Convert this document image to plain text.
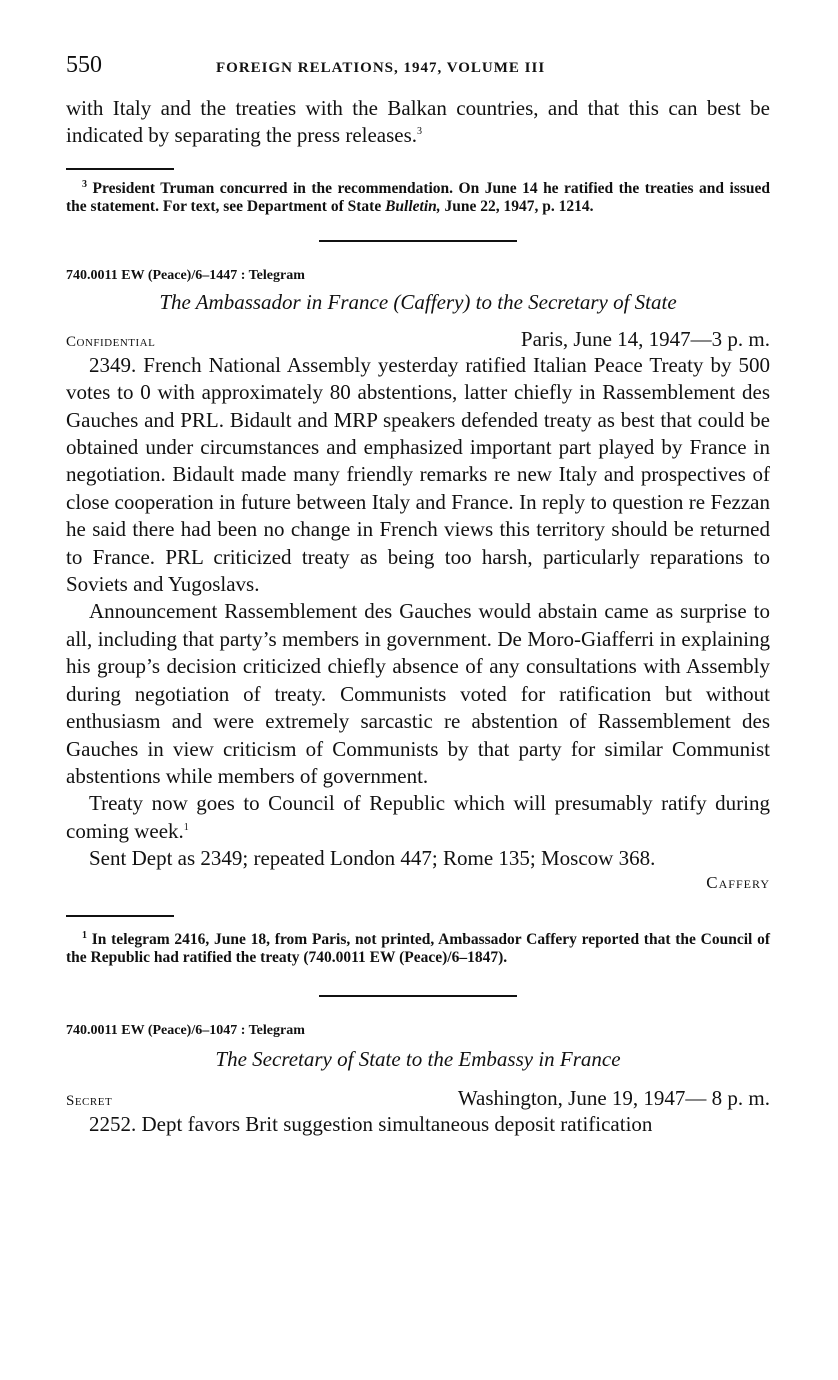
550	FOREIGN RELATIONS, 1947, VOLUME III

with Italy and the treaties with the Balkan countries, and that this can best be indicated by separating the press releases.$^3$

$^3$ President Truman concurred in the recommendation. On June 14 he ratified the treaties and issued the statement. For text, see Department of State Bulletin, June 22, 1947, p. 1214.
740.0011 EW (Peace)/6–1447 : Telegram
The Ambassador in France (Caffery) to the Secretary of State
Confidential	Paris, June 14, 1947—3 p. m.

2349. French National Assembly yesterday ratified Italian Peace Treaty by 500 votes to 0 with approximately 80 abstentions, latter chiefly in Rassemblement des Gauches and PRL. Bidault and MRP speakers defended treaty as best that could be obtained under circumstances and emphasized important part played by France in negotiation. Bidault made many friendly remarks re new Italy and prospectives of close cooperation in future between Italy and France. In reply to question re Fezzan he said there had been no change in French views this territory should be returned to France. PRL criticized treaty as being too harsh, particularly reparations to Soviets and Yugoslavs.

Announcement Rassemblement des Gauches would abstain came as surprise to all, including that party’s members in government. De Moro-Giafferri in explaining his group’s decision criticized chiefly absence of any consultations with Assembly during negotiation of treaty. Communists voted for ratification but without enthusiasm and were extremely sarcastic re abstention of Rassemblement des Gauches in view criticism of Communists by that party for similar Communist abstentions while members of government.

Treaty now goes to Council of Republic which will presumably ratify during coming week.$^1$

Sent Dept as 2349; repeated London 447; Rome 135; Moscow 368.

Caffery
$^1$ In telegram 2416, June 18, from Paris, not printed, Ambassador Caffery reported that the Council of the Republic had ratified the treaty (740.0011 EW (Peace)/6–1847).
740.0011 EW (Peace)/6–1047 : Telegram
The Secretary of State to the Embassy in France
Secret	Washington, June 19, 1947— 8 p. m.

2252. Dept favors Brit suggestion simultaneous deposit ratification
